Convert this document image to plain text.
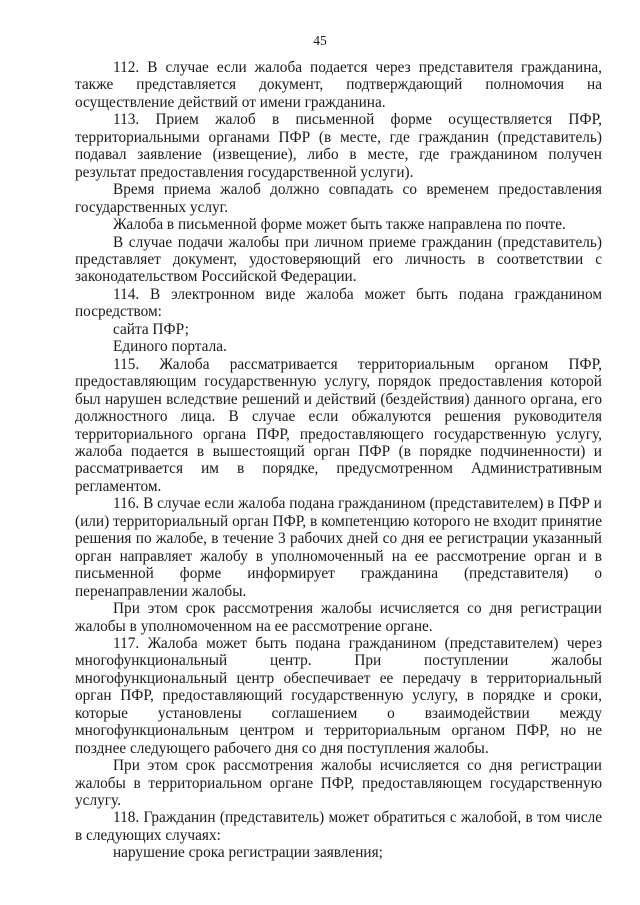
45

112. В случае если жалоба подается через представителя гражданина, также представляется документ, подтверждающий полномочия на осуществление действий от имени гражданина.

113. Прием жалоб в письменной форме осуществляется ПФР, территориальными органами ПФР (в месте, где гражданин (представитель) подавал заявление (извещение), либо в месте, где гражданином получен результат предоставления государственной услуги).

Время приема жалоб должно совпадать со временем предоставления государственных услуг.

Жалоба в письменной форме может быть также направлена по почте.

В случае подачи жалобы при личном приеме гражданин (представитель) представляет документ, удостоверяющий его личность в соответствии с законодательством Российской Федерации.

114. В электронном виде жалоба может быть подана гражданином посредством:

сайта ПФР;

Единого портала.

115. Жалоба рассматривается территориальным органом ПФР, предоставляющим государственную услугу, порядок предоставления которой был нарушен вследствие решений и действий (бездействия) данного органа, его должностного лица. В случае если обжалуются решения руководителя территориального органа ПФР, предоставляющего государственную услугу, жалоба подается в вышестоящий орган ПФР (в порядке подчиненности) и рассматривается им в порядке, предусмотренном Административным регламентом.

116. В случае если жалоба подана гражданином (представителем) в ПФР и (или) территориальный орган ПФР, в компетенцию которого не входит принятие решения по жалобе, в течение 3 рабочих дней со дня ее регистрации указанный орган направляет жалобу в уполномоченный на ее рассмотрение орган и в письменной форме информирует гражданина (представителя) о перенаправлении жалобы.

При этом срок рассмотрения жалобы исчисляется со дня регистрации жалобы в уполномоченном на ее рассмотрение органе.

117. Жалоба может быть подана гражданином (представителем) через многофункциональный центр. При поступлении жалобы многофункциональный центр обеспечивает ее передачу в территориальный орган ПФР, предоставляющий государственную услугу, в порядке и сроки, которые установлены соглашением о взаимодействии между многофункциональным центром и территориальным органом ПФР, но не позднее следующего рабочего дня со дня поступления жалобы.

При этом срок рассмотрения жалобы исчисляется со дня регистрации жалобы в территориальном органе ПФР, предоставляющем государственную услугу.

118. Гражданин (представитель) может обратиться с жалобой, в том числе в следующих случаях:

нарушение срока регистрации заявления;
